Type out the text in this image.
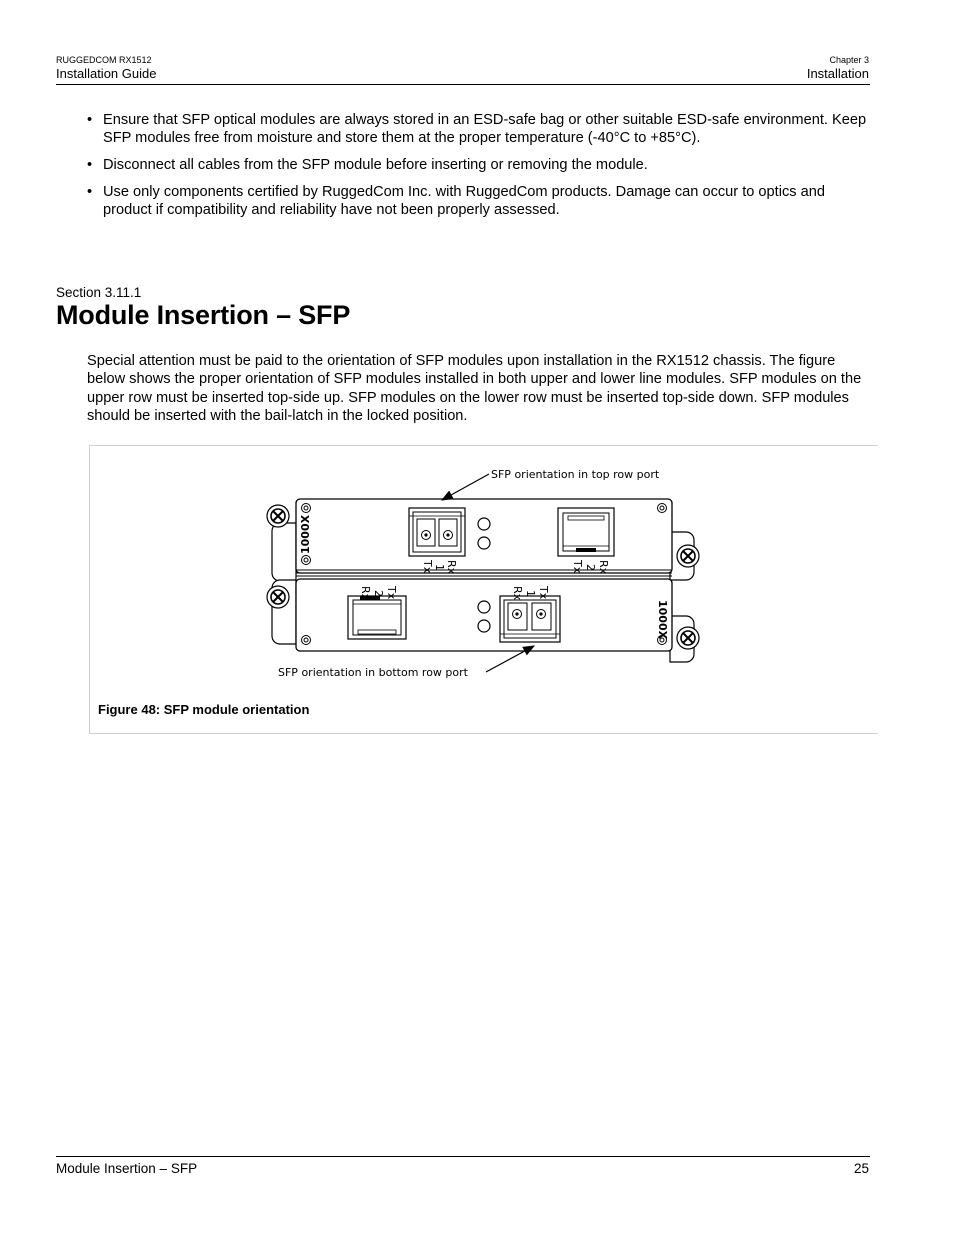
RUGGEDCOM RX1512
Installation Guide
Chapter 3
Installation
• Ensure that SFP optical modules are always stored in an ESD-safe bag or other suitable ESD-safe environment. Keep SFP modules free from moisture and store them at the proper temperature (-40°C to +85°C).
• Disconnect all cables from the SFP module before inserting or removing the module.
• Use only components certified by RuggedCom Inc. with RuggedCom products. Damage can occur to optics and product if compatibility and reliability have not been properly assessed.
Section 3.11.1
Module Insertion – SFP

Special attention must be paid to the orientation of SFP modules upon installation in the RX1512 chassis. The figure below shows the proper orientation of SFP modules installed in both upper and lower line modules. SFP modules on the upper row must be inserted top-side up. SFP modules on the lower row must be inserted top-side down. SFP modules should be inserted with the bail-latch in the locked position.

1000X
1000X
Tx 1 Rx	Tx 2 Rx
Rx 2 Tx	Rx 1 Tx
SFP orientation in top row port
SFP orientation in bottom row port
Figure 48: SFP module orientation
Module Insertion – SFP	25
